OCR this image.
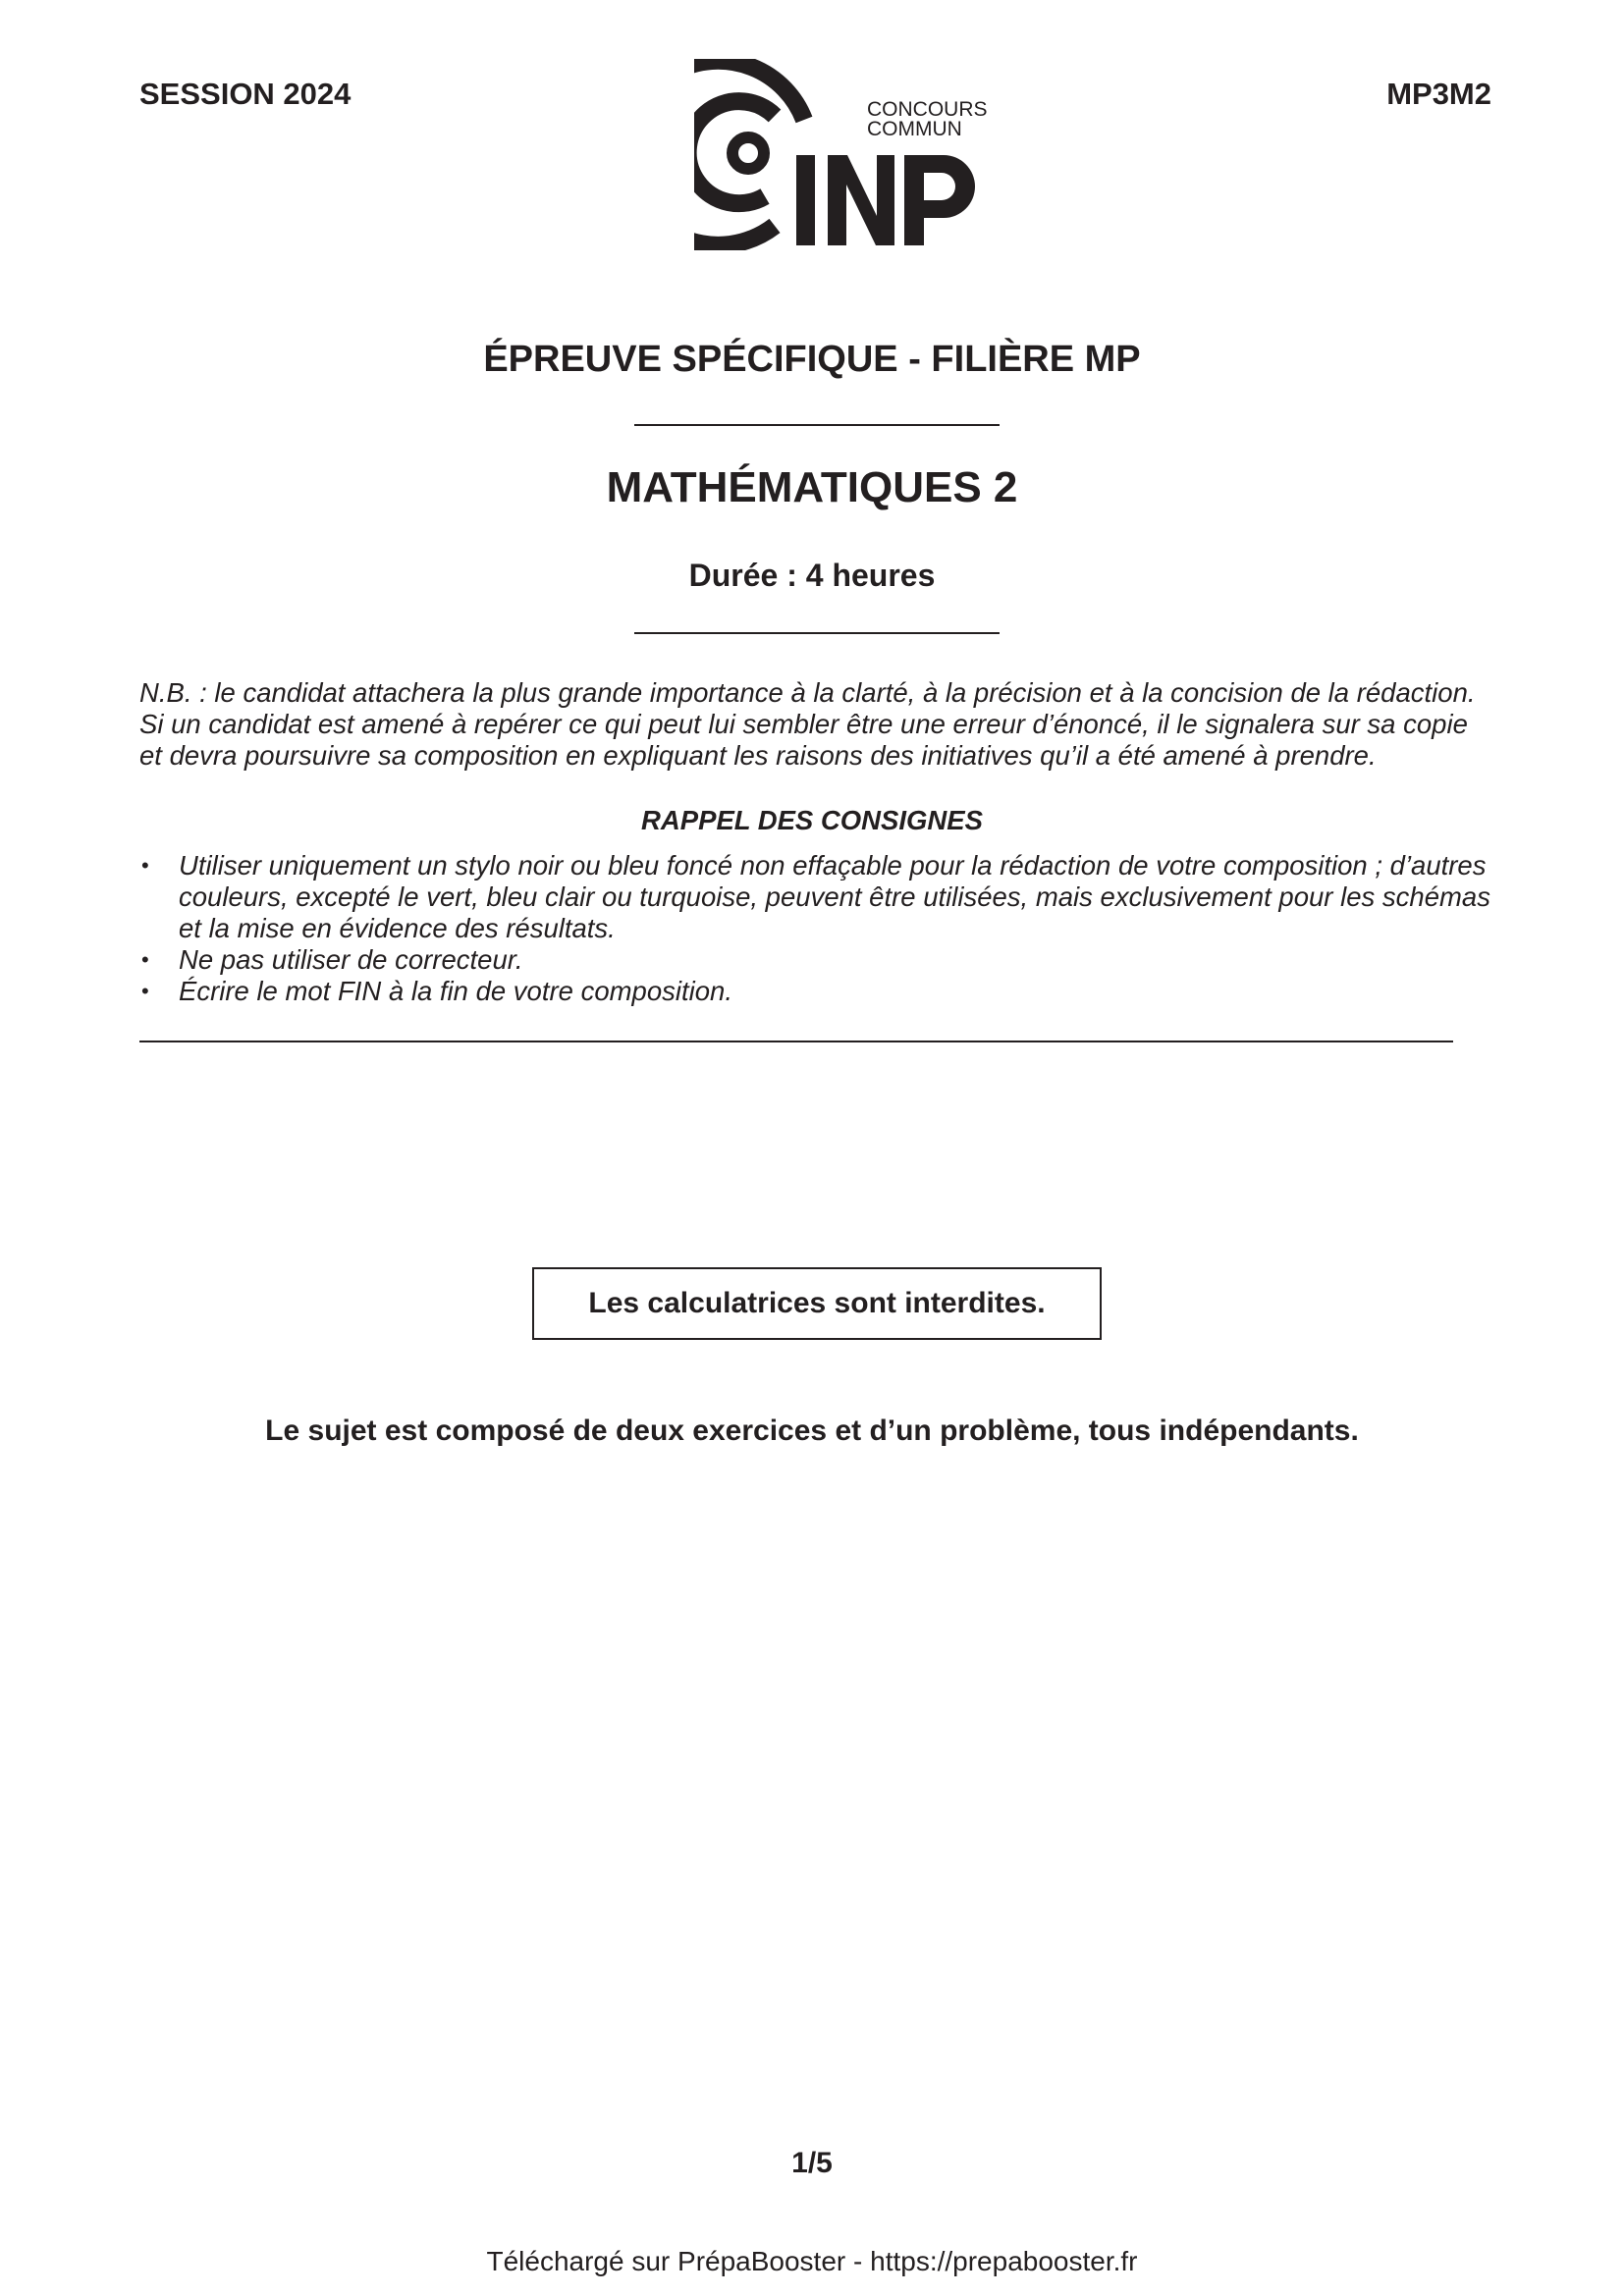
SESSION 2024	MP3M2
CONCOURS
COMMUN
ÉPREUVE SPÉCIFIQUE - FILIÈRE MP
MATHÉMATIQUES 2
Durée : 4 heures

N.B. : le candidat attachera la plus grande importance à la clarté, à la précision et à la concision de la rédaction.

Si un candidat est amené à repérer ce qui peut lui sembler être une erreur d’énoncé, il le signalera sur sa copie

et devra poursuivre sa composition en expliquant les raisons des initiatives qu’il a été amené à prendre.

RAPPEL DES CONSIGNES
• Utiliser uniquement un stylo noir ou bleu foncé non effaçable pour la rédaction de votre composition ; d’autres
couleurs, excepté le vert, bleu clair ou turquoise, peuvent être utilisées, mais exclusivement pour les schémas
et la mise en évidence des résultats.
• Ne pas utiliser de correcteur.
• Écrire le mot FIN à la fin de votre composition.
Les calculatrices sont interdites.
Le sujet est composé de deux exercices et d’un problème, tous indépendants.
1/5
Téléchargé sur PrépaBooster - https://prepabooster.fr
